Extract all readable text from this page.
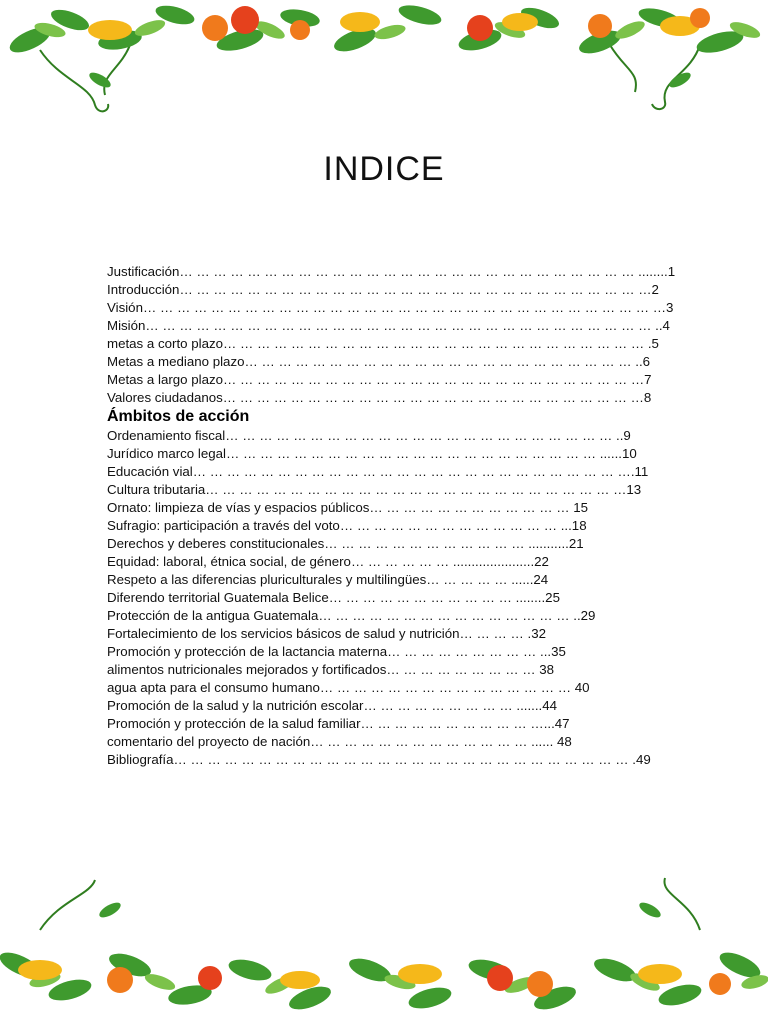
INDICE
Justificación… … … … … … … … … … … … … … … … … … … … … … … … … … … ........1
Introducción… … … … … … … … … … … … … … … … … … … … … … … … … … … …2
Visión… … … … … … … … … … … … … … … … … … … … … … … … … … … … … … …3
Misión… … … … … … … … … … … … … … … … … … … … … … … … … … … … … … ..4
metas a corto plazo… … … … … … … … … … … … … … … … … … … … … … … … … .5
Metas a mediano plazo… … … … … … … … … … … … … … … … … … … … … … … ..6
Metas a largo plazo… … … … … … … … … … … … … … … … … … … … … … … … …7
Valores ciudadanos… … … … … … … … … … … … … … … … … … … … … … … … …8
Ámbitos de acción
Ordenamiento fiscal… … … … … … … … … … … … … … … … … … … … … … … ..9
Jurídico marco legal… … … … … … … … … … … … … … … … … … … … … … ......10
Educación vial… … … … … … … … … … … … … … … … … … … … … … … … … ….11
Cultura tributaria… … … … … … … … … … … … … … … … … … … … … … … … …13
Ornato: limpieza de vías y espacios públicos… … … … … … … … … … … … 15
Sufragio: participación a través del voto… … … … … … … … … … … … … ...18
Derechos y deberes constitucionales… … … … … … … … … … … … ...........21
Equidad: laboral, étnica social, de género… … … … … … ......................22
Respeto a las diferencias pluriculturales y multilingües… … … … … ......24
Diferendo territorial Guatemala Belice… … … … … … … … … … … ........25
Protección de la antigua Guatemala… … … … … … … … … … … … … … … ..29
Fortalecimiento de los servicios básicos de salud y nutrición… … … … .32
Promoción y protección de la lactancia materna… … … … … … … … … ...35
alimentos nutricionales mejorados y fortificados… … … … … … … … … 38
agua apta para el consumo humano… … … … … … … … … … … … … … … 40
Promoción de la salud y la nutrición escolar… … … … … … … … … .......44
Promoción y protección de la salud familiar… … … … … … … … … … …...47
comentario del proyecto de nación… … … … … … … … … … … … … ...... 48
Bibliografía… … … … … … … … … … … … … … … … … … … … … … … … … … … .49
